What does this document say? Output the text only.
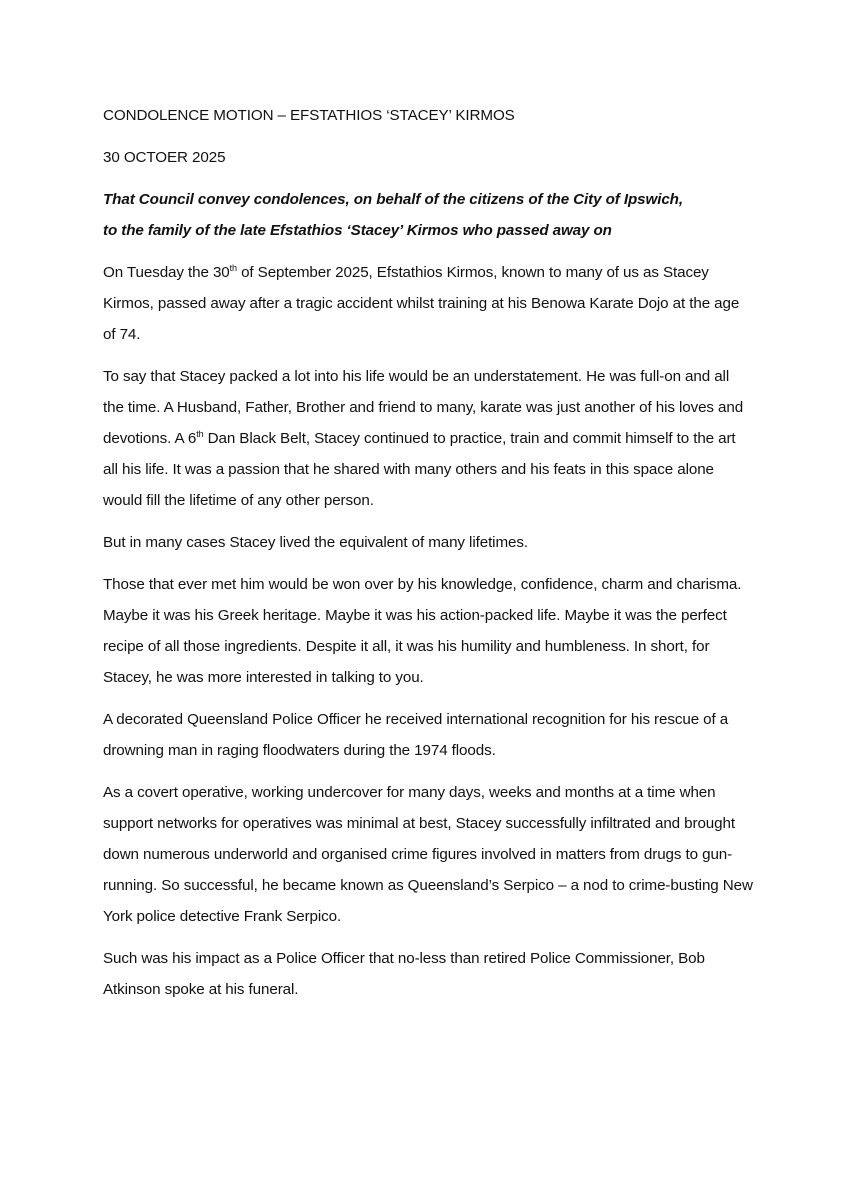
CONDOLENCE MOTION – EFSTATHIOS ‘STACEY’ KIRMOS

30 OCTOER 2025

That Council convey condolences, on behalf of the citizens of the City of Ipswich,
to the family of the late Efstathios ‘Stacey’ Kirmos who passed away on

On Tuesday the 30th of September 2025, Efstathios Kirmos, known to many of us as Stacey Kirmos, passed away after a tragic accident whilst training at his Benowa Karate Dojo at the age of 74.

To say that Stacey packed a lot into his life would be an understatement. He was full-on and all the time. A Husband, Father, Brother and friend to many, karate was just another of his loves and devotions. A 6th Dan Black Belt, Stacey continued to practice, train and commit himself to the art all his life. It was a passion that he shared with many others and his feats in this space alone would fill the lifetime of any other person.

But in many cases Stacey lived the equivalent of many lifetimes.

Those that ever met him would be won over by his knowledge, confidence, charm and charisma. Maybe it was his Greek heritage. Maybe it was his action-packed life. Maybe it was the perfect recipe of all those ingredients. Despite it all, it was his humility and humbleness. In short, for Stacey, he was more interested in talking to you.

A decorated Queensland Police Officer he received international recognition for his rescue of a drowning man in raging floodwaters during the 1974 floods.

As a covert operative, working undercover for many days, weeks and months at a time when support networks for operatives was minimal at best, Stacey successfully infiltrated and brought down numerous underworld and organised crime figures involved in matters from drugs to gun-running. So successful, he became known as Queensland’s Serpico – a nod to crime-busting New York police detective Frank Serpico.

Such was his impact as a Police Officer that no-less than retired Police Commissioner, Bob Atkinson spoke at his funeral.
